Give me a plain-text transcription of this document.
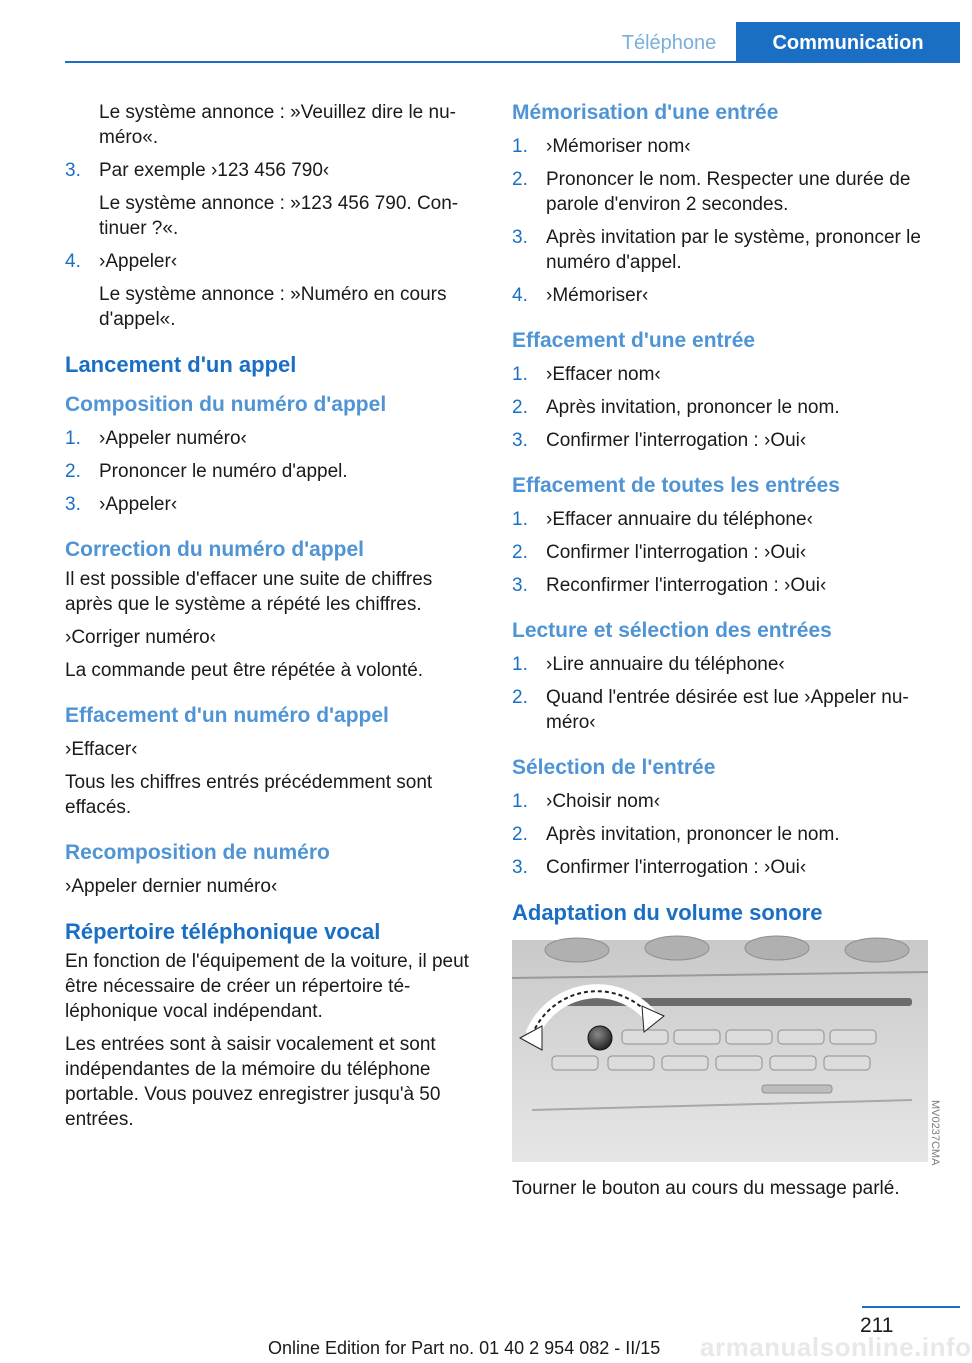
Téléphone	Communication
Le système annonce : »Veuillez dire le nu‐méro«.
3. Par exemple ›123 456 790‹
Le système annonce : »123 456 790. Con‐tinuer ?«.
4. ›Appeler‹
Le système annonce : »Numéro en cours d'appel«.
Lancement d'un appel
Composition du numéro d'appel
1. ›Appeler numéro‹
2. Prononcer le numéro d'appel.
3. ›Appeler‹
Correction du numéro d'appel
Il est possible d'effacer une suite de chiffres après que le système a répété les chiffres.
›Corriger numéro‹
La commande peut être répétée à volonté.
Effacement d'un numéro d'appel
›Effacer‹
Tous les chiffres entrés précédemment sont effacés.
Recomposition de numéro
›Appeler dernier numéro‹
Répertoire téléphonique vocal
En fonction de l'équipement de la voiture, il peut être nécessaire de créer un répertoire té‐léphonique vocal indépendant.
Les entrées sont à saisir vocalement et sont indépendantes de la mémoire du téléphone portable. Vous pouvez enregistrer jusqu'à 50 entrées.
Mémorisation d'une entrée
1. ›Mémoriser nom‹
2. Prononcer le nom. Respecter une durée de parole d'environ 2 secondes.
3. Après invitation par le système, prononcer le numéro d'appel.
4. ›Mémoriser‹
Effacement d'une entrée
1. ›Effacer nom‹
2. Après invitation, prononcer le nom.
3. Confirmer l'interrogation : ›Oui‹
Effacement de toutes les entrées
1. ›Effacer annuaire du téléphone‹
2. Confirmer l'interrogation : ›Oui‹
3. Reconfirmer l'interrogation : ›Oui‹
Lecture et sélection des entrées
1. ›Lire annuaire du téléphone‹
2. Quand l'entrée désirée est lue ›Appeler nu‐méro‹
Sélection de l'entrée
1. ›Choisir nom‹
2. Après invitation, prononcer le nom.
3. Confirmer l'interrogation : ›Oui‹
Adaptation du volume sonore
MV0237CMA
Tourner le bouton au cours du message parlé.
211
armanualsonline.info
Online Edition for Part no. 01 40 2 954 082 - II/15
